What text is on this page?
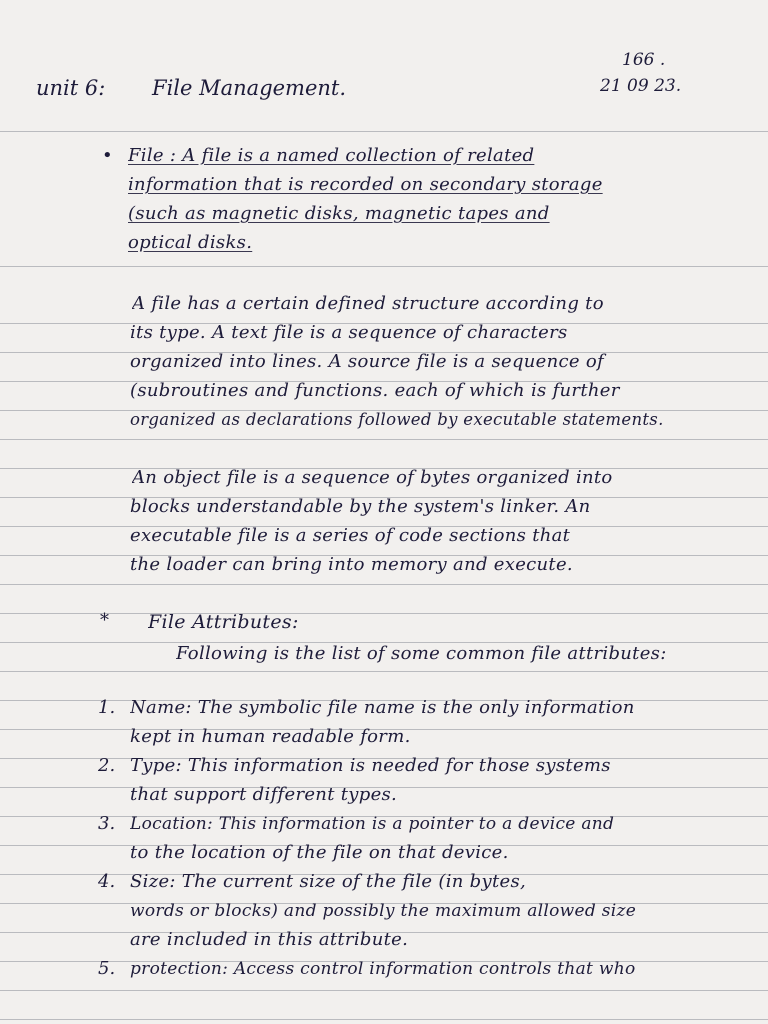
166 .
21 09 23.
unit 6: File Management.
• File : A file is a named collection of related
information that is recorded on secondary storage
(such as magnetic disks, magnetic tapes and
optical disks.
A file has a certain defined structure according to
its type. A text file is a sequence of characters
organized into lines. A source file is a sequence of
(subroutines and functions. each of which is further
organized as declarations followed by executable statements.
An object file is a sequence of bytes organized into
blocks understandable by the system's linker. An
executable file is a series of code sections that
the loader can bring into memory and execute.
* File Attributes:
Following is the list of some common file attributes:
1. Name: The symbolic file name is the only information
kept in human readable form.
2. Type: This information is needed for those systems
that support different types.
3. Location: This information is a pointer to a device and
to the location of the file on that device.
4. Size: The current size of the file (in bytes,
words or blocks) and possibly the maximum allowed size
are included in this attribute.
5. protection: Access control information controls that who
